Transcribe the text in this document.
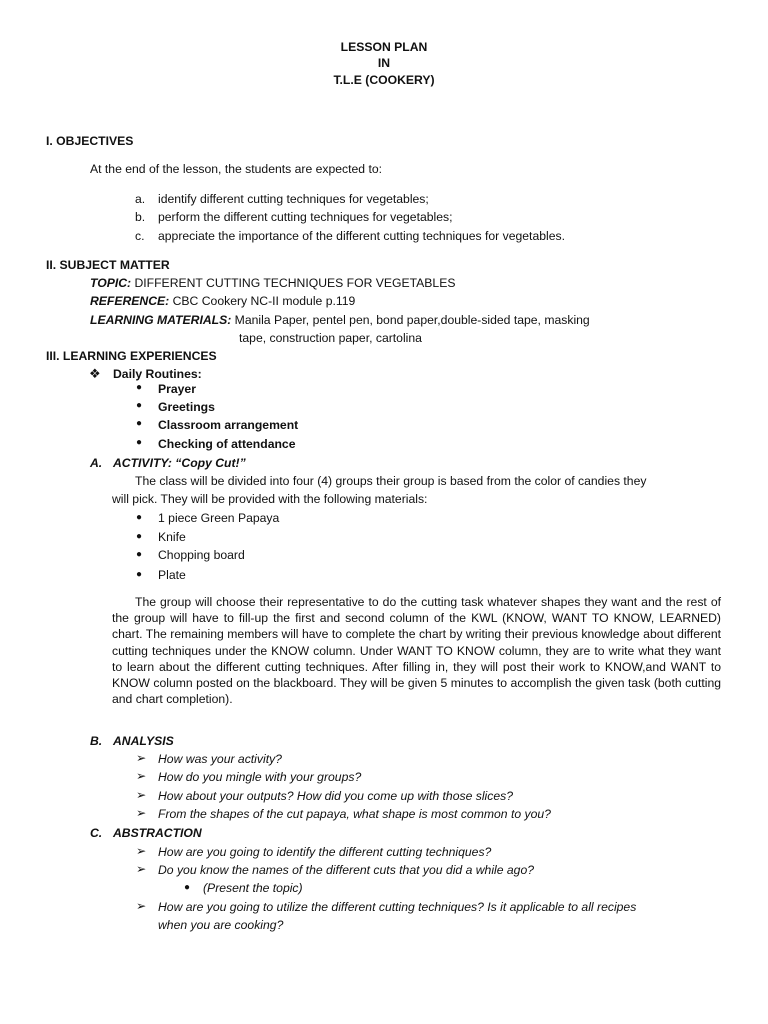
LESSON PLAN
IN
T.L.E (COOKERY)
I. OBJECTIVES
At the end of the lesson, the students are expected to:
a. identify different cutting techniques for vegetables;
b. perform the different cutting techniques for vegetables;
c. appreciate the importance of the different cutting techniques for vegetables.
II. SUBJECT MATTER
TOPIC: DIFFERENT CUTTING TECHNIQUES FOR VEGETABLES
REFERENCE: CBC Cookery NC-II module p.119
LEARNING MATERIALS: Manila Paper, pentel pen, bond paper,double-sided tape, masking
tape, construction paper, cartolina
III. LEARNING EXPERIENCES
❖ Daily Routines:
● Prayer
● Greetings
● Classroom arrangement
● Checking of attendance
A. ACTIVITY: “Copy Cut!”
The class will be divided into four (4) groups their group is based from the color of candies they
will pick. They will be provided with the following materials:
● 1 piece Green Papaya
● Knife
● Chopping board
● Plate
The group will choose their representative to do the cutting task whatever shapes they want and the rest of the group will have to fill-up the first and second column of the KWL (KNOW, WANT TO KNOW, LEARNED) chart. The remaining members will have to complete the chart by writing their previous knowledge about different cutting techniques under the KNOW column. Under WANT TO KNOW column, they are to write what they want to learn about the different cutting techniques. After filling in, they will post their work to KNOW,and WANT to KNOW column posted on the blackboard. They will be given 5 minutes to accomplish the given task (both cutting and chart completion).
B. ANALYSIS
➢ How was your activity?
➢ How do you mingle with your groups?
➢ How about your outputs? How did you come up with those slices?
➢ From the shapes of the cut papaya, what shape is most common to you?
C. ABSTRACTION
➢ How are you going to identify the different cutting techniques?
➢ Do you know the names of the different cuts that you did a while ago?
● (Present the topic)
➢ How are you going to utilize the different cutting techniques? Is it applicable to all recipes
when you are cooking?
